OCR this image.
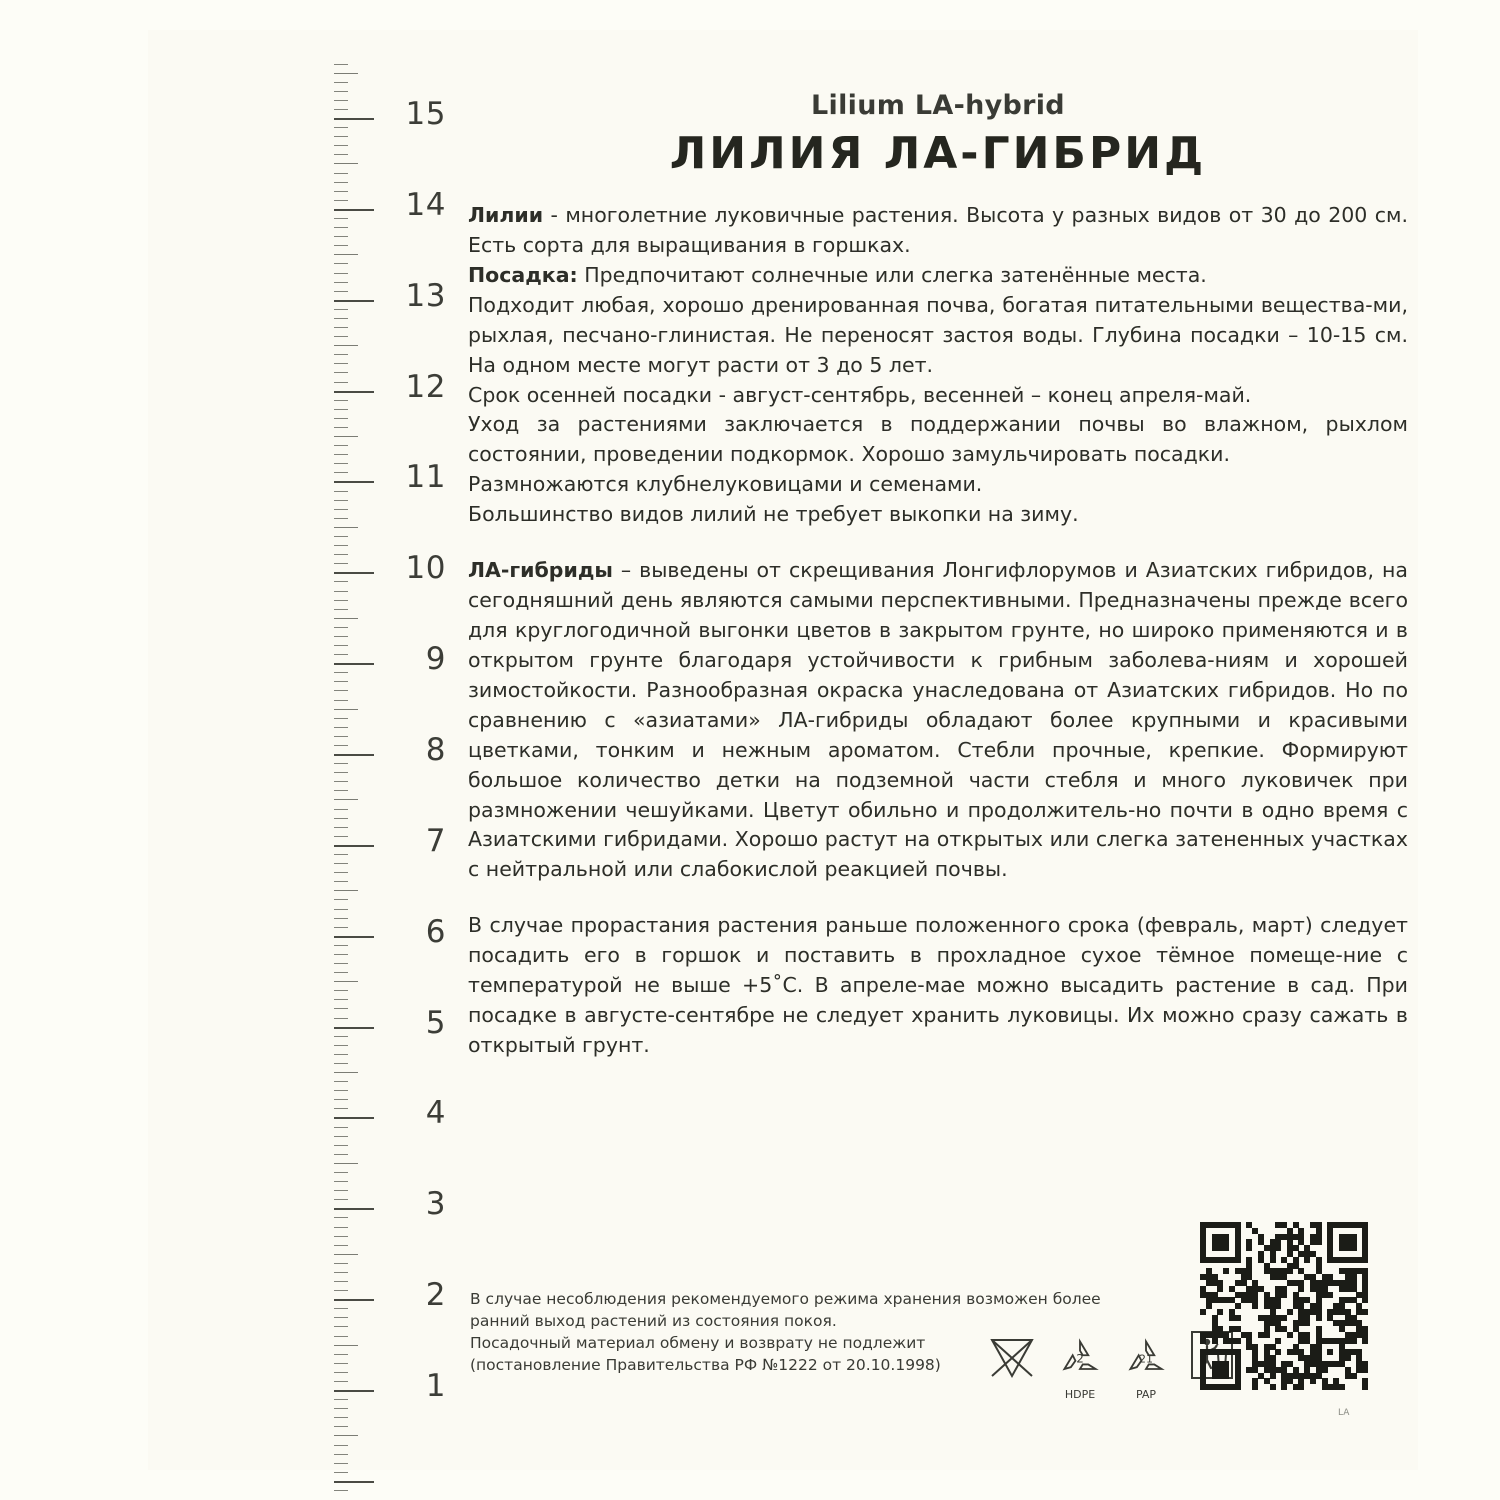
15
14
13
12
11
10
9
8
7
6
5
4
3
2
1
Lilium LA-hybrid
ЛИЛИЯ ЛА-ГИБРИД

Лилии - многолетние луковичные растения. Высота у разных видов от 30 до 200 см. Есть сорта для выращивания в горшках.

Посадка: Предпочитают солнечные или слегка затенённые места.

Подходит любая, хорошо дренированная почва, богатая питательными вещества-ми, рыхлая, песчано-глинистая. Не переносят застоя воды. Глубина посадки – 10-15 см. На одном месте могут расти от 3 до 5 лет.

Срок осенней посадки - август-сентябрь, весенней – конец апреля-май.

Уход за растениями заключается в поддержании почвы во влажном, рыхлом состоянии, проведении подкормок. Хорошо замульчировать посадки.

Размножаются клубнелуковицами и семенами.

Большинство видов лилий не требует выкопки на зиму.

ЛА-гибриды – выведены от скрещивания Лонгифлорумов и Азиатских гибридов, на сегодняшний день являются самыми перспективными. Предназначены прежде всего для круглогодичной выгонки цветов в закрытом грунте, но широко применяются и в открытом грунте благодаря устойчивости к грибным заболева-ниям и хорошей зимостойкости. Разнообразная окраска унаследована от Азиатских гибридов. Но по сравнению с «азиатами» ЛА-гибриды обладают более крупными и красивыми цветками, тонким и нежным ароматом. Стебли прочные, крепкие. Формируют большое количество детки на подземной части стебля и много луковичек при размножении чешуйками. Цветут обильно и продолжитель-но почти в одно время с Азиатскими гибридами. Хорошо растут на открытых или слегка затененных участках с нейтральной или слабокислой реакцией почвы.

В случае прорастания растения раньше положенного срока (февраль, март) следует посадить его в горшок и поставить в прохладное сухое тёмное помеще-ние с температурой не выше +5˚С. В апреле-мае можно высадить растение в сад. При посадке в августе-сентябре не следует хранить луковицы. Их можно сразу сажать в открытый грунт.

В случае несоблюдения рекомендуемого режима хранения возможен более

ранний выход растений из состояния покоя.

Посадочный материал обмену и возврату не подлежит

(постановление Правительства РФ №1222 от 20.10.1998)	2
HDPE
21
PAP
LA
